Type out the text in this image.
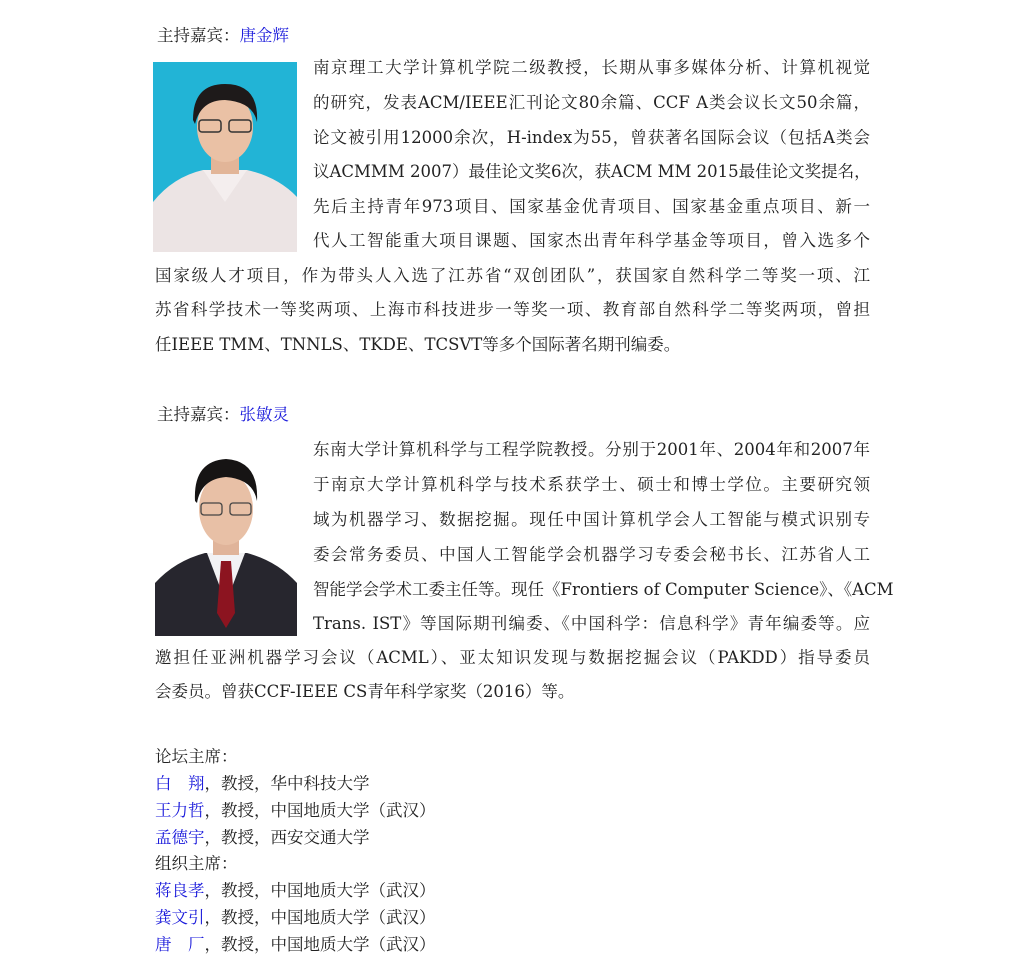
主持嘉宾：唐金辉
南京理工大学计算机学院二级教授，长期从事多媒体分析、计算机视觉
的研究，发表ACM/IEEE汇刊论文80余篇、CCF A类会议长文50余篇，
论文被引用12000余次，H-index为55，曾获著名国际会议（包括A类会
议ACMMM 2007）最佳论文奖6次，获ACM MM 2015最佳论文奖提名，
先后主持青年973项目、国家基金优青项目、国家基金重点项目、新一
代人工智能重大项目课题、国家杰出青年科学基金等项目，曾入选多个
国家级人才项目，作为带头人入选了江苏省“双创团队”，获国家自然科学二等奖一项、江
苏省科学技术一等奖两项、上海市科技进步一等奖一项、教育部自然科学二等奖两项，曾担
任IEEE TMM、TNNLS、TKDE、TCSVT等多个国际著名期刊编委。
主持嘉宾：张敏灵
东南大学计算机科学与工程学院教授。分别于2001年、2004年和2007年
于南京大学计算机科学与技术系获学士、硕士和博士学位。主要研究领
域为机器学习、数据挖掘。现任中国计算机学会人工智能与模式识别专
委会常务委员、中国人工智能学会机器学习专委会秘书长、江苏省人工
智能学会学术工委主任等。现任《Frontiers of Computer Science》、《ACM
Trans. IST》等国际期刊编委、《中国科学：信息科学》青年编委等。应
邀担任亚洲机器学习会议（ACML）、亚太知识发现与数据挖掘会议（PAKDD）指导委员
会委员。曾获CCF-IEEE CS青年科学家奖（2016）等。
论坛主席：
白　翔，教授，华中科技大学
王力哲，教授，中国地质大学（武汉）
孟德宇，教授，西安交通大学
组织主席：
蒋良孝，教授，中国地质大学（武汉）
龚文引，教授，中国地质大学（武汉）
唐　厂，教授，中国地质大学（武汉）
